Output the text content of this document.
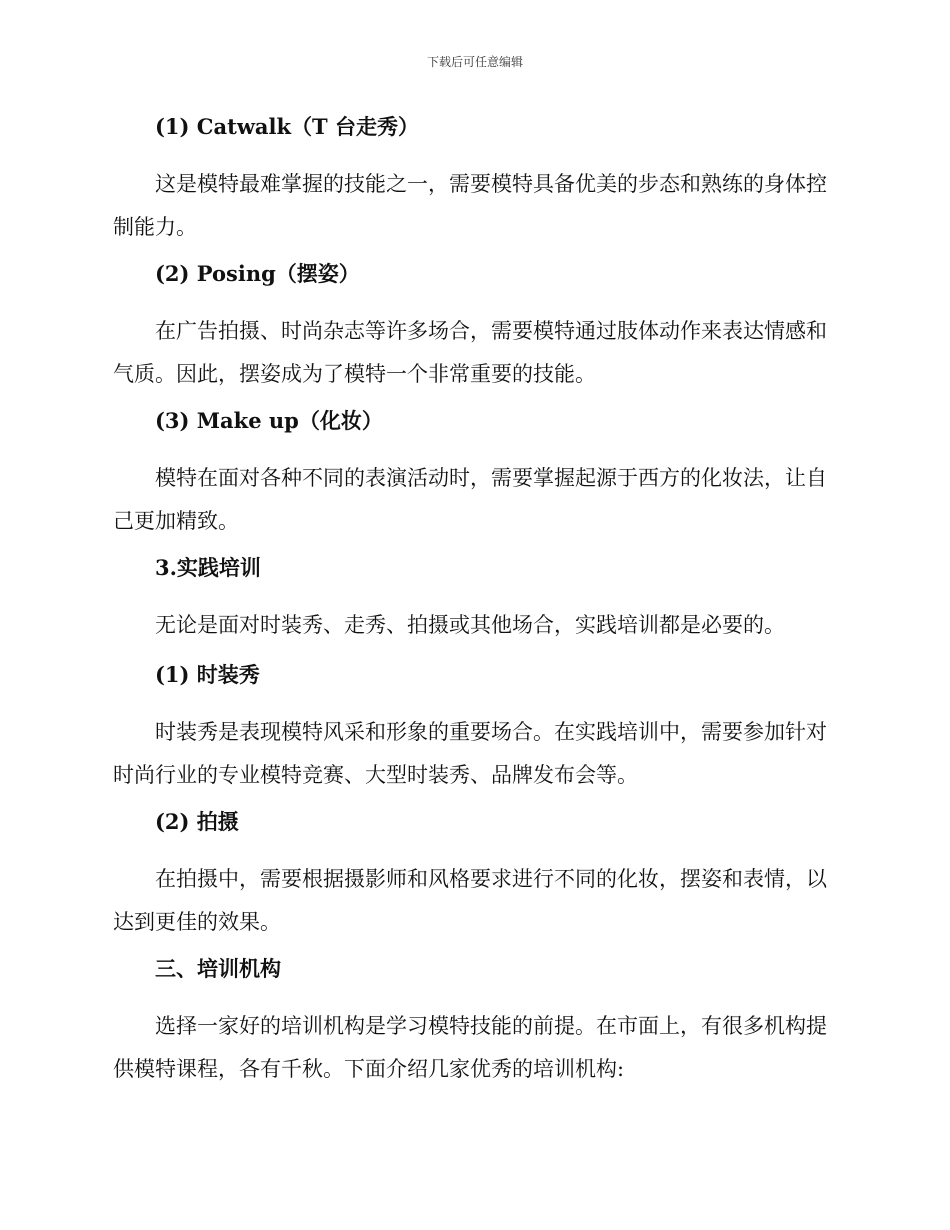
下载后可任意编辑
(1) Catwalk（T 台走秀）

这是模特最难掌握的技能之一，需要模特具备优美的步态和熟练的身体控制能力。

(2) Posing（摆姿）

在广告拍摄、时尚杂志等许多场合，需要模特通过肢体动作来表达情感和气质。因此，摆姿成为了模特一个非常重要的技能。

(3) Make up（化妆）

模特在面对各种不同的表演活动时，需要掌握起源于西方的化妆法，让自己更加精致。

3.实践培训

无论是面对时装秀、走秀、拍摄或其他场合，实践培训都是必要的。

(1) 时装秀

时装秀是表现模特风采和形象的重要场合。在实践培训中，需要参加针对时尚行业的专业模特竞赛、大型时装秀、品牌发布会等。

(2) 拍摄

在拍摄中，需要根据摄影师和风格要求进行不同的化妆，摆姿和表情，以达到更佳的效果。

三、培训机构

选择一家好的培训机构是学习模特技能的前提。在市面上，有很多机构提供模特课程，各有千秋。下面介绍几家优秀的培训机构:
